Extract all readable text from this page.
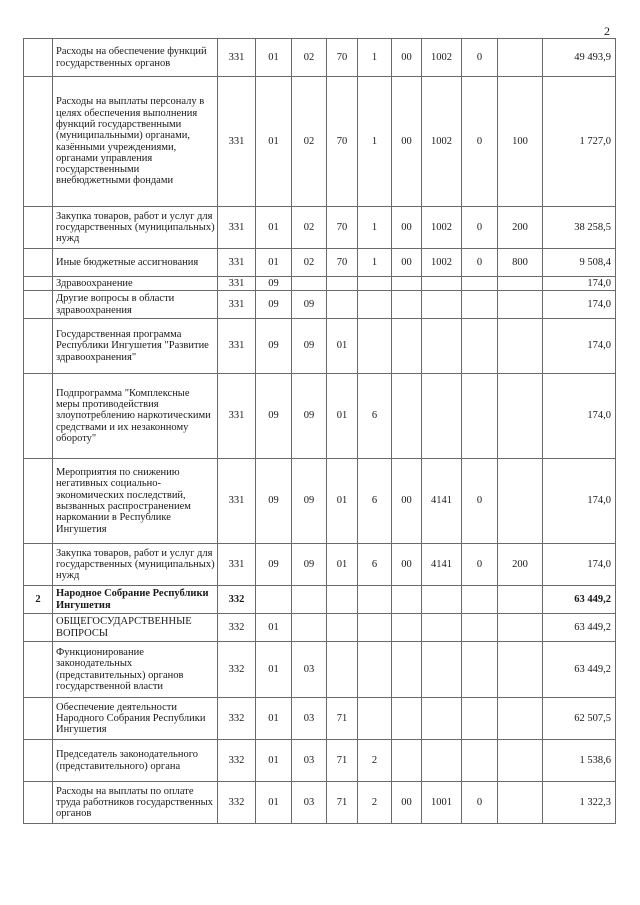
2
	Расходы на обеспечение функций государственных органов	331	01	02	70	1	00	1002	0		49 493,9
	Расходы на выплаты персоналу в целях обеспечения выполнения функций государственными (муниципальными) органами, казёнными учреждениями, органами управления государственными внебюджетными фондами	331	01	02	70	1	00	1002	0	100	1 727,0
	Закупка товаров, работ и услуг для государственных (муниципальных) нужд	331	01	02	70	1	00	1002	0	200	38 258,5
	Иные бюджетные ассигнования	331	01	02	70	1	00	1002	0	800	9 508,4
	Здравоохранение	331	09								174,0
	Другие вопросы в области здравоохранения	331	09	09							174,0
	Государственная программа Республики Ингушетия "Развитие здравоохранения"	331	09	09	01						174,0
	Подпрограмма "Комплексные меры противодействия злоупотреблению наркотическими средствами и их незаконному обороту"	331	09	09	01	6					174,0
	Мероприятия по снижению негативных социально-экономических последствий, вызванных распространением наркомании в Республике Ингушетия	331	09	09	01	6	00	4141	0		174,0
	Закупка товаров, работ и услуг для государственных (муниципальных) нужд	331	09	09	01	6	00	4141	0	200	174,0
2	Народное Собрание Республики Ингушетия	332									63 449,2
	ОБЩЕГОСУДАРСТВЕННЫЕ ВОПРОСЫ	332	01								63 449,2
	Функционирование законодательных (представительных) органов государственной власти	332	01	03							63 449,2
	Обеспечение деятельности Народного Собрания Республики Ингушетия	332	01	03	71						62 507,5
	Председатель законодательного (представительного) органа	332	01	03	71	2					1 538,6
	Расходы на выплаты по оплате труда работников государственных органов	332	01	03	71	2	00	1001	0		1 322,3
